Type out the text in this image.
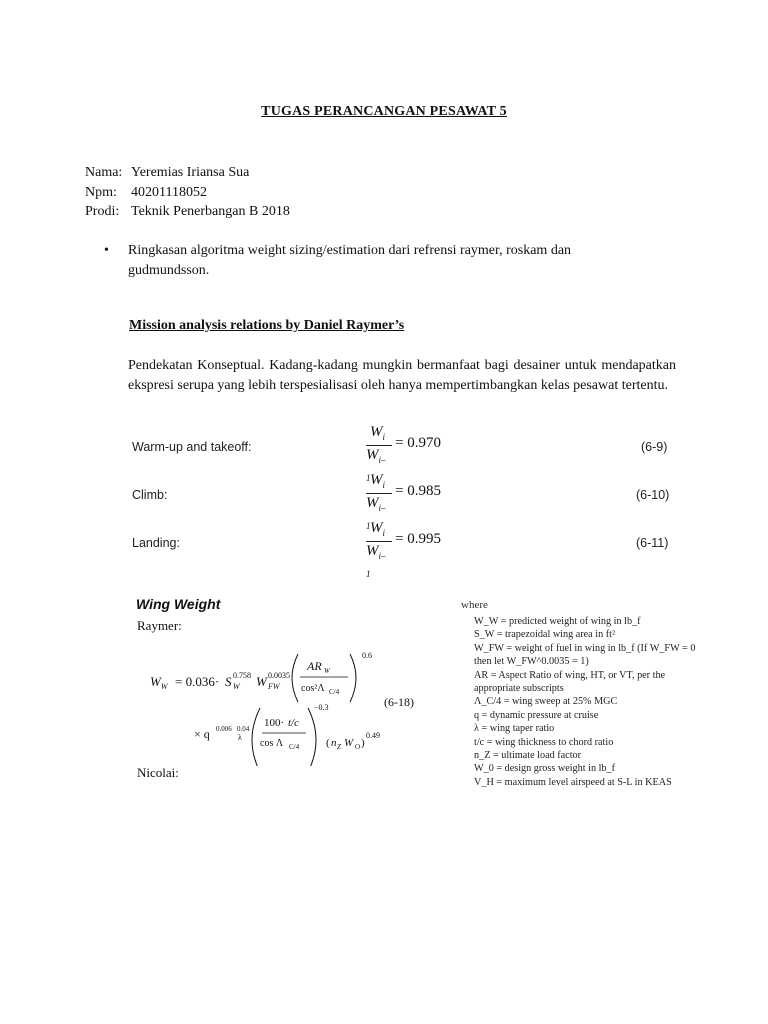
TUGAS PERANCANGAN PESAWAT 5
Nama: Yeremias Iriansa Sua
Npm:	40201118052
Prodi: Teknik Penerbangan B 2018
• Ringkasan algoritma weight sizing/estimation dari refrensi raymer, roskam dan gudmundsson.
Mission analysis relations by Daniel Raymer’s
Pendekatan Konseptual. Kadang-kadang mungkin bermanfaat bagi desainer untuk mendapatkan ekspresi serupa yang lebih terspesialisasi oleh hanya mempertimbangkan kelas pesawat tertentu.
Warm-up and takeoff:
$W_i$
$W_{i-1}$
= 0.970	(6-9)
Climb:
$W_i$
$W_{i-1}$
= 0.985	(6-10)
Landing:
$W_i$
$W_{i-1}$
= 0.995	(6-11)
Wing Weight
Raymer:
$W_W = 0.036\cdot S$ W
0.758 W FW
0.0035
AR W
cos²Λ C/4
0.6
× q 0.006
λ
0.04 100· t/c
cos Λ C/4
−0.3
( n Z W O )
0.49
(6-18)
Nicolai:
where
W_W = predicted weight of wing in lb_f
S_W = trapezoidal wing area in ft²
W_FW = weight of fuel in wing in lb_f (If W_FW = 0 then let W_FW^0.0035 = 1)
AR = Aspect Ratio of wing, HT, or VT, per the appropriate subscripts
Λ_C/4 = wing sweep at 25% MGC
q = dynamic pressure at cruise
λ = wing taper ratio
t/c = wing thickness to chord ratio
n_Z = ultimate load factor
W_0 = design gross weight in lb_f
V_H = maximum level airspeed at S-L in KEAS
